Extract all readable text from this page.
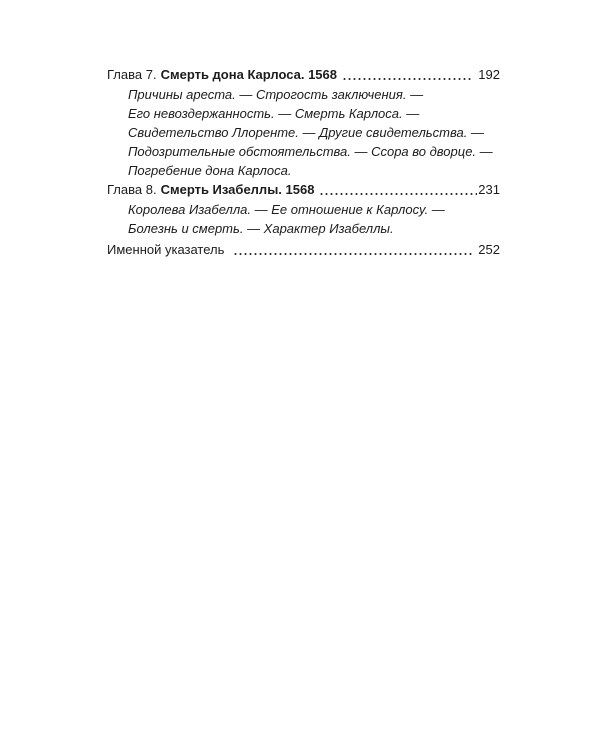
Глава 7. Смерть дона Карлоса. 1568	192
Причины ареста. — Строгость заключения. —
Его невоздержанность. — Смерть Карлоса. —
Свидетельство Ллоренте. — Другие свидетельства. —
Подозрительные обстоятельства. — Ссора во дворце. —
Погребение дона Карлоса.
Глава 8. Смерть Изабеллы. 1568	231
Королева Изабелла. — Ее отношение к Карлосу. —
Болезнь и смерть. — Характер Изабеллы.
Именной указатель	252
